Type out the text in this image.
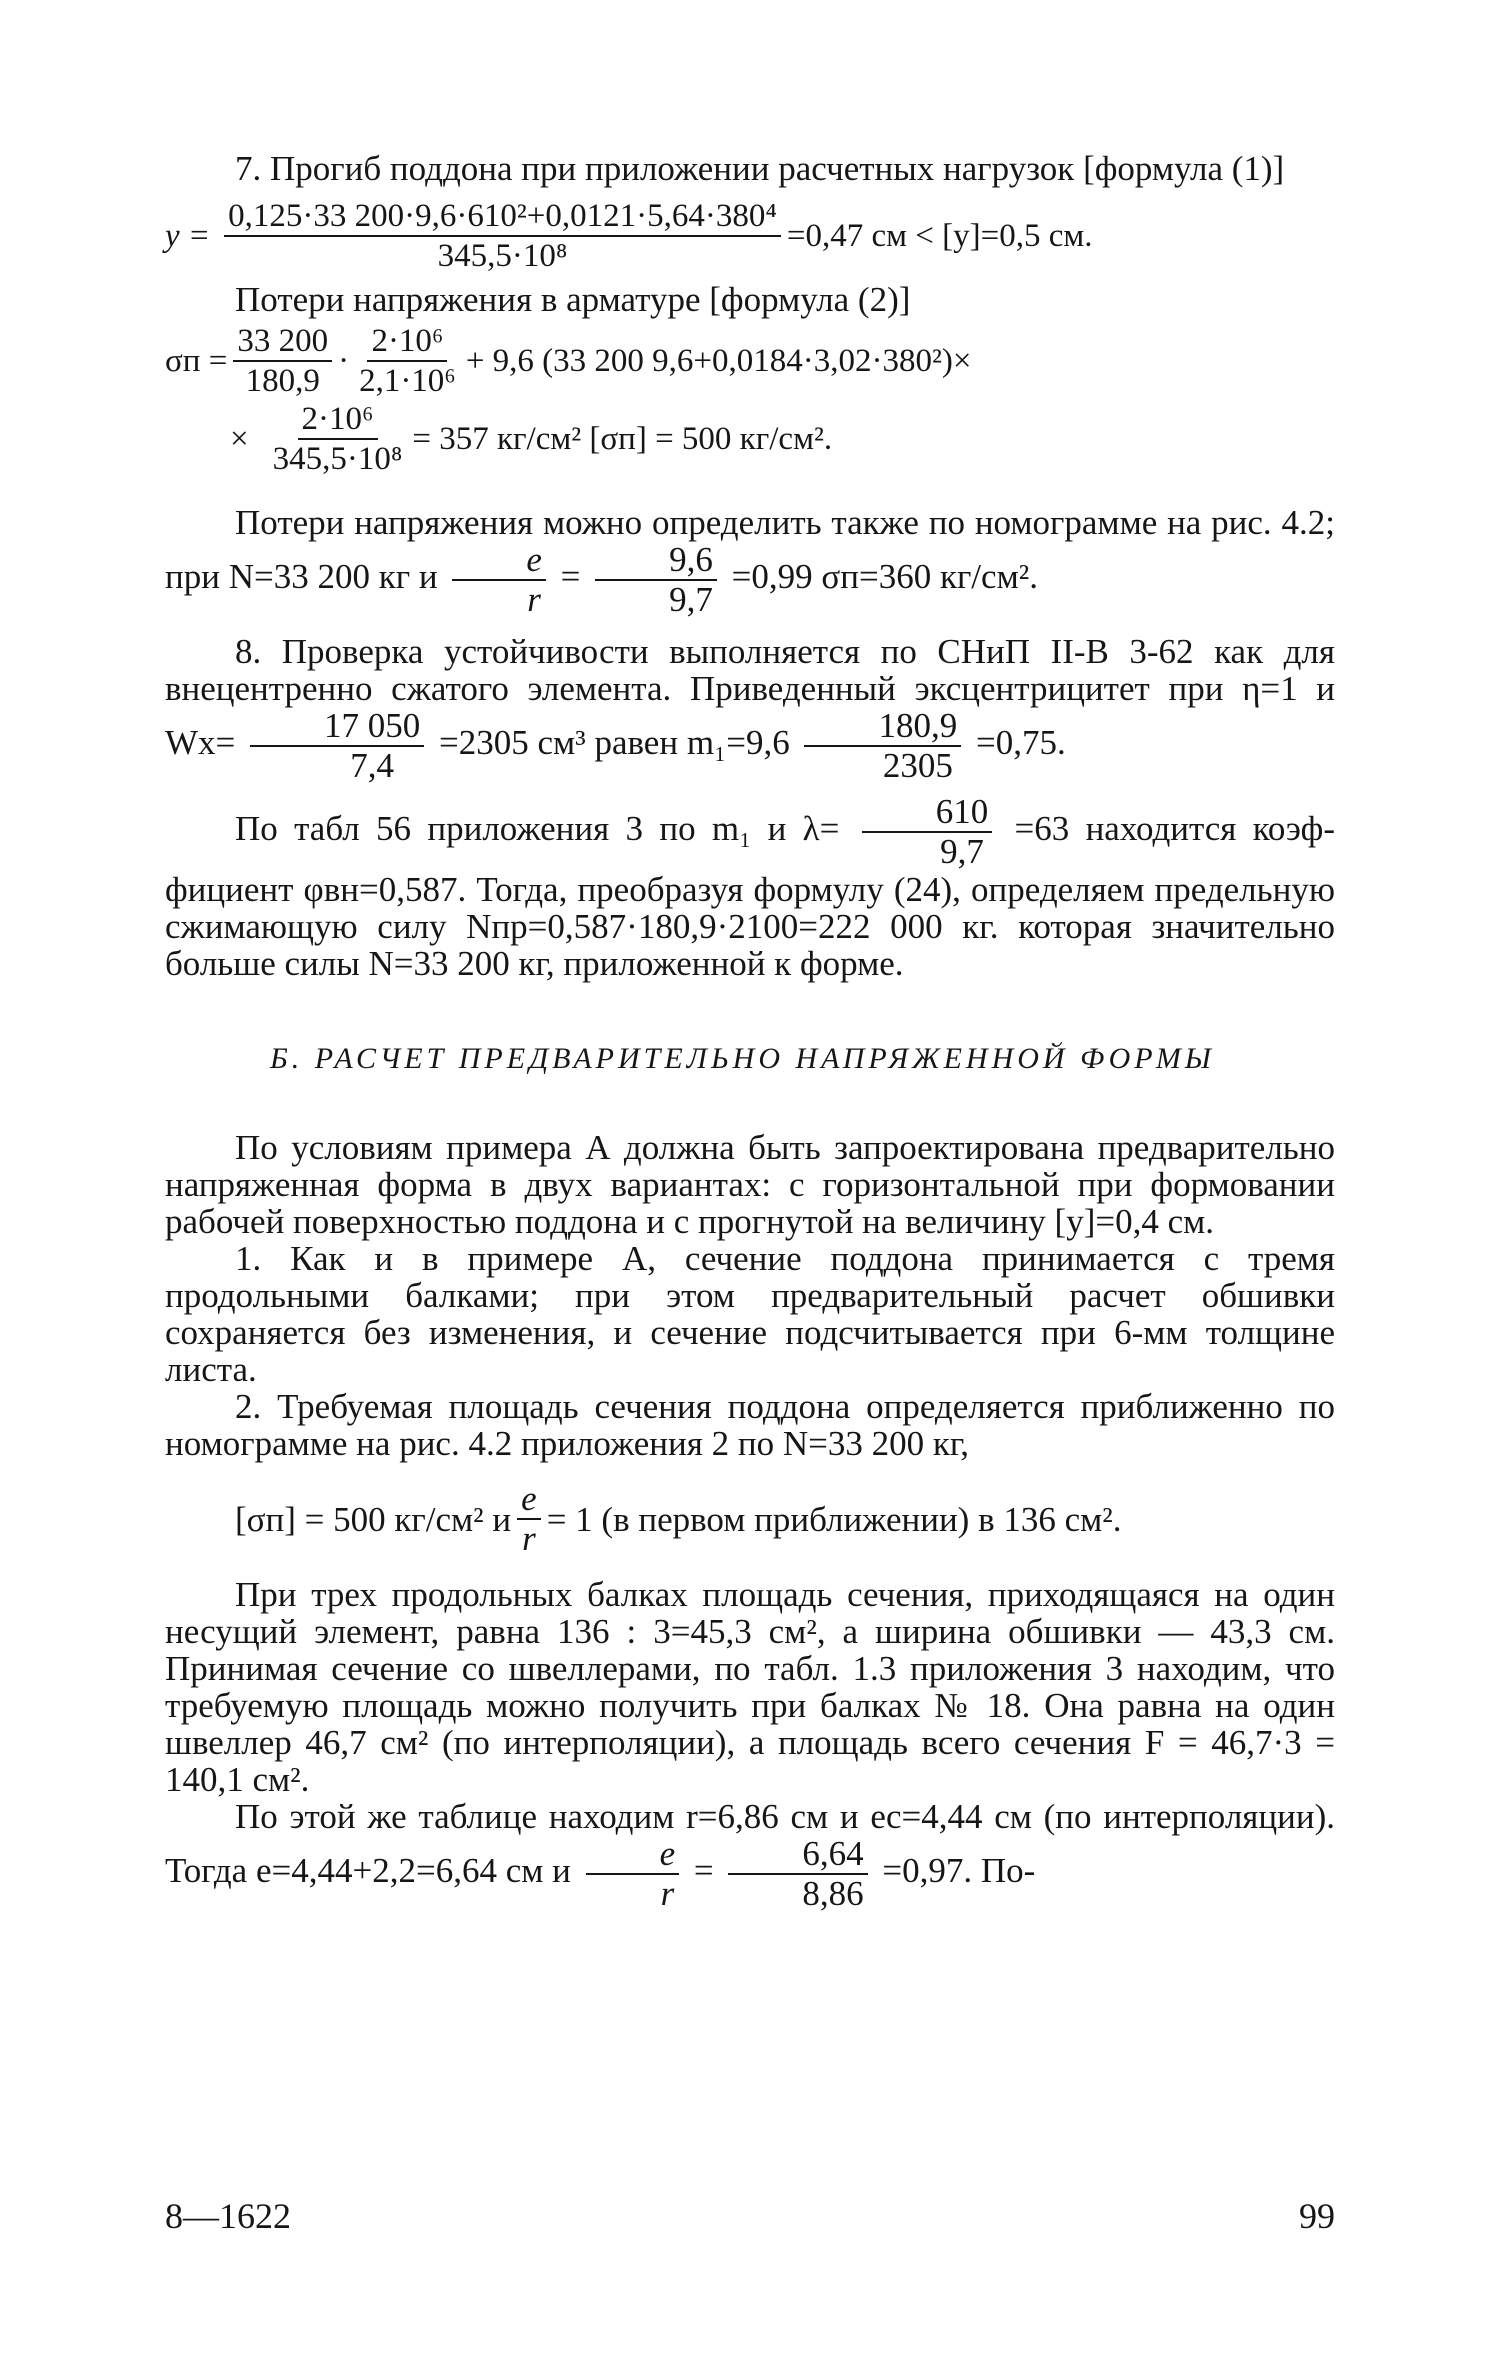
7. Прогиб поддона при приложении расчетных нагрузок [формула (1)]

$y = \frac{\text{0,125·33 200·9,6·610²+0,0121·5,64·380⁴}}{\text{345,5·10⁸}} =0,47$ см < [y]=0,5 см.

Потери напряжения в арматуре [формула (2)]

$\sigma п = \frac{33 200}{180,9} \cdot \frac{\text{2·10⁶}}{\text{2,1·10⁶}} + 9,6$ (33 200 9,6+0,0184·3,02·380²)×
× $\frac{\text{2·10⁶}}{\text{345,5·10⁸}} = 357$ кг/см² [σп] = 500 кг/см².

Потери напряжения можно определить также по номограмме на рис. 4.2; при N=33 200 кг и $\frac{e}{r} = \frac{9,6}{9,7} =0,99$ σп=360 кг/см².

8. Проверка устойчивости выполняется по СНиП II-В 3-62 как для внецентренно сжатого элемента. Приведенный эксцентрицитет при η=1 и $Wx= \frac{17 050}{7,4} =2305$ см³ равен $m_1=9,6 \frac{180,9}{2305} =0,75$.

По табл 56 приложения 3 по m₁ и $\lambda= \frac{610}{9,7} =63$ находится коэф- фициент φвн=0,587. Тогда, преобразуя формулу (24), определяем предельную сжимающую силу Nпр=0,587·180,9·2100=222 000 кг. которая значительно больше силы N=33 200 кг, приложенной к форме.

Б. РАСЧЕТ ПРЕДВАРИТЕЛЬНО НАПРЯЖЕННОЙ ФОРМЫ

По условиям примера А должна быть запроектирована предварительно напряженная форма в двух вариантах: с горизонтальной при формовании рабочей поверхностью поддона и с прогнутой на величину [y]=0,4 см.

1. Как и в примере А, сечение поддона принимается с тремя продольными балками; при этом предварительный расчет обшивки сохраняется без изменения, и сечение подсчитывается при 6-мм толщине листа.

2. Требуемая площадь сечения поддона определяется приближенно по номограмме на рис. 4.2 приложения 2 по N=33 200 кг,

[σп] = 500 кг/см² и $\frac{e}{r} = 1$ (в первом приближении) в 136 см².

При трех продольных балках площадь сечения, приходящаяся на один несущий элемент, равна 136 : 3=45,3 см², а ширина обшивки — 43,3 см. Принимая сечение со швеллерами, по табл. 1.3 приложения 3 находим, что требуемую площадь можно получить при балках № 18. Она равна на один швеллер 46,7 см² (по интерполяции), а площадь всего сечения F = 46,7·3 = 140,1 см².

По этой же таблице находим r=6,86 см и eс=4,44 см (по интерполяции). Тогда e=4,44+2,2=6,64 см и $\frac{e}{r} = \frac{6,64}{8,86} =0,97$. По-

8—1622	99
